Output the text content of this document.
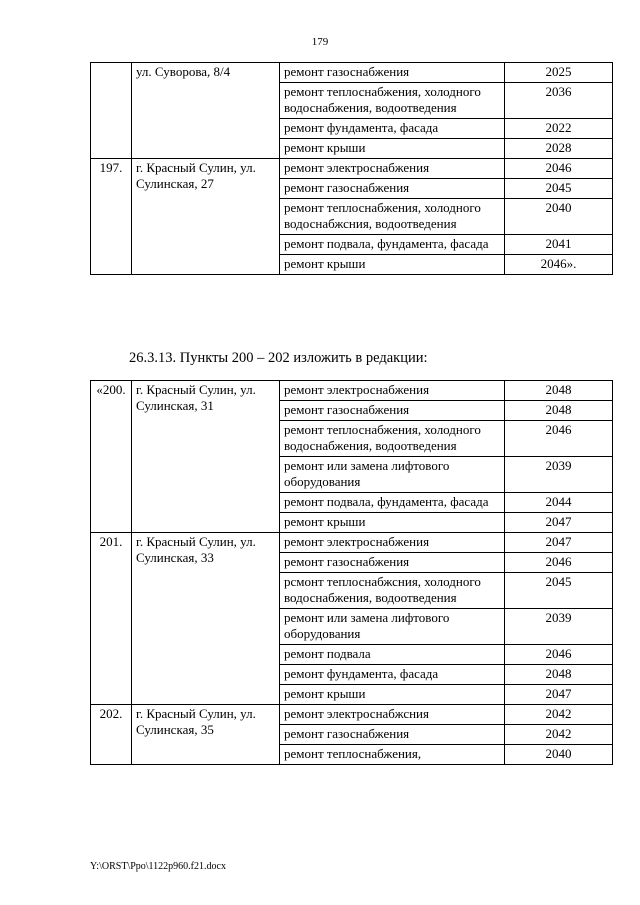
179
	ул. Суворова, 8/4	ремонт газоснабжения	2025
		ремонт теплоснабжения, холодного водоснабжения, водоотведения	2036
		ремонт фундамента, фасада	2022
		ремонт крыши	2028
197.	г. Красный Сулин, ул. Сулинская, 27	ремонт электроснабжения	2046
		ремонт газоснабжения	2045
		ремонт теплоснабжения, холодного водоснабжсния, водоотведения	2040
		ремонт подвала, фундамента, фасада	2041
		ремонт крыши	2046».
26.3.13. Пункты 200 – 202 изложить в редакции:
«200.	г. Красный Сулин, ул. Сулинская, 31	ремонт электроснабжения	2048
		ремонт газоснабжения	2048
		ремонт теплоснабжения, холодного водоснабжения, водоотведения	2046
		ремонт или замена лифтового оборудования	2039
		ремонт подвала, фундамента, фасада	2044
		ремонт крыши	2047
201.	г. Красный Сулин, ул. Сулинская, 33	ремонт электроснабжения	2047
		ремонт газоснабжения	2046
		рсмонт теплоснабжсния, холодного водоснабжения, водоотведения	2045
		ремонт или замена лифтового оборудования	2039
		ремонт подвала	2046
		ремонт фундамента, фасада	2048
		ремонт крыши	2047
202.	г. Красный Сулин, ул. Сулинская, 35	ремонт электроснабжсния	2042
		ремонт газоснабжения	2042
		ремонт теплоснабжения,	2040
Y:\ORST\Ppo\1122p960.f21.docx
